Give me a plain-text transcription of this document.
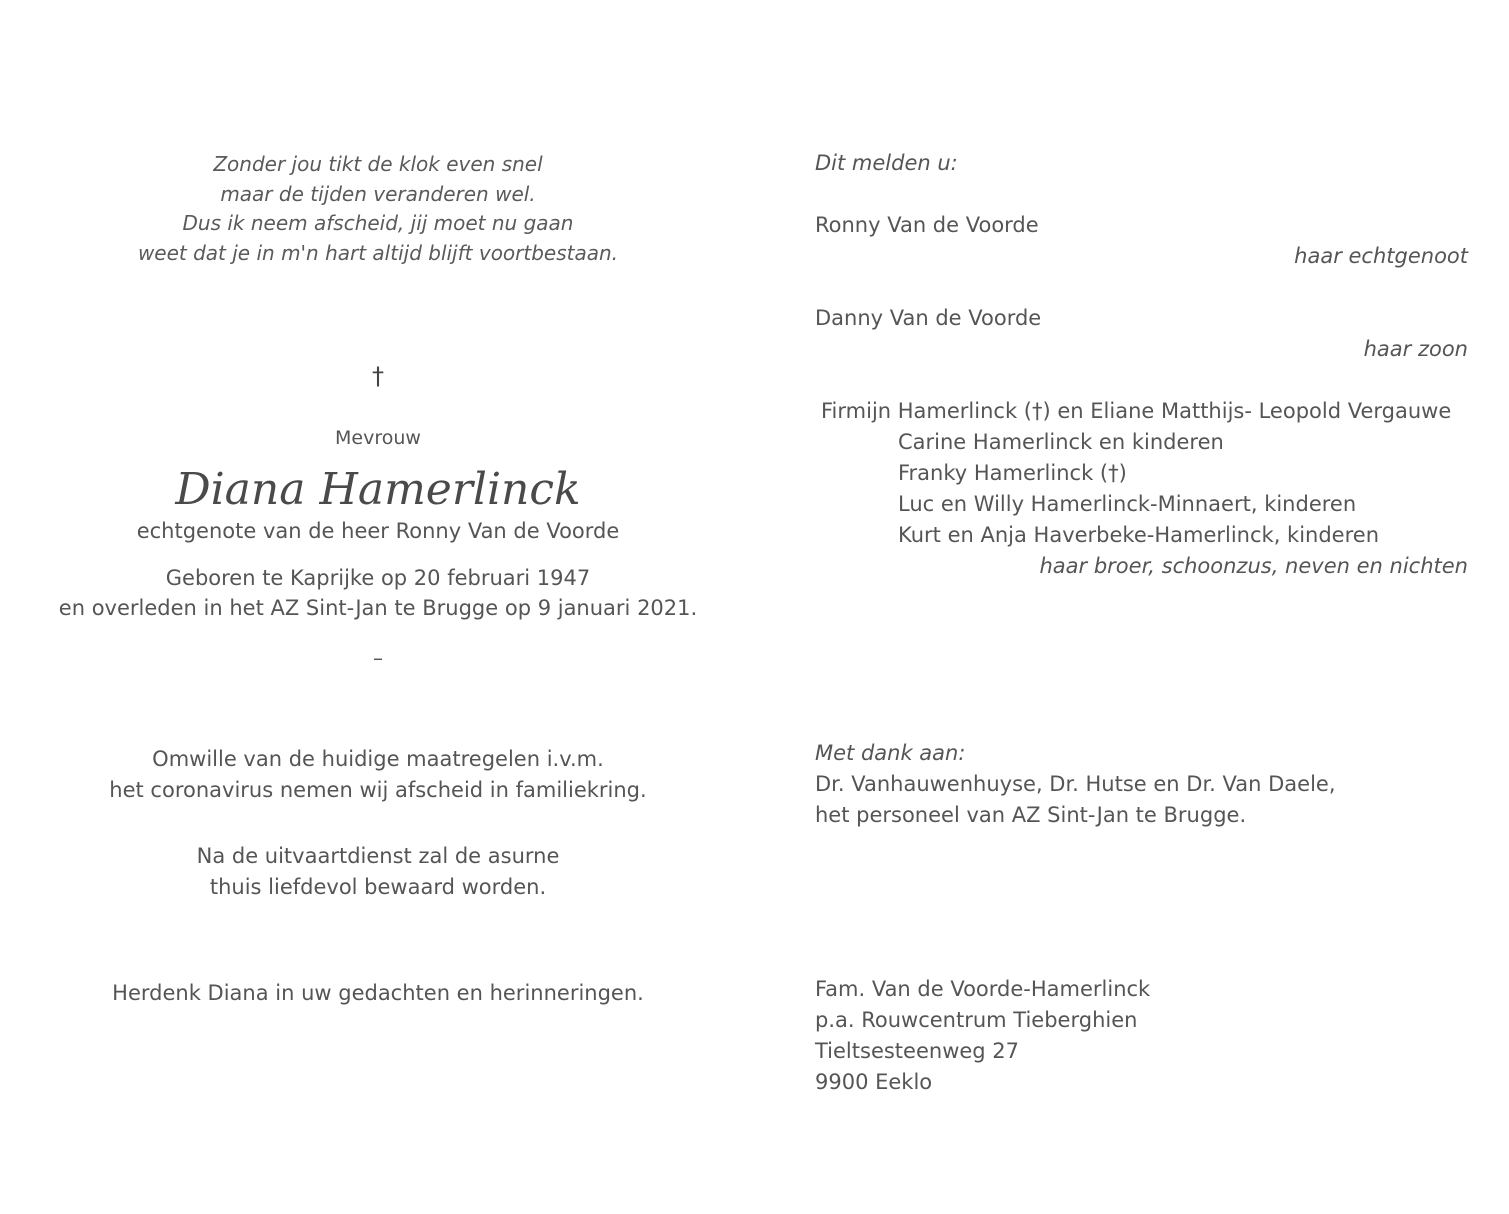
Zonder jou tikt de klok even snel
maar de tijden veranderen wel.
Dus ik neem afscheid, jij moet nu gaan
weet dat je in m'n hart altijd blijft voortbestaan.
†
Mevrouw
Diana Hamerlinck
echtgenote van de heer Ronny Van de Voorde
Geboren te Kaprijke op 20 februari 1947
en overleden in het AZ Sint-Jan te Brugge op 9 januari 2021.
–
Omwille van de huidige maatregelen i.v.m.
het coronavirus nemen wij afscheid in familiekring.
Na de uitvaartdienst zal de asurne
thuis liefdevol bewaard worden.
Herdenk Diana in uw gedachten en herinneringen.
Dit melden u:
Ronny Van de Voorde
haar echtgenoot
Danny Van de Voorde
haar zoon
Firmijn Hamerlinck (†) en Eliane Matthijs- Leopold Vergauwe
Carine Hamerlinck en kinderen
Franky Hamerlinck (†)
Luc en Willy Hamerlinck-Minnaert, kinderen
Kurt en Anja Haverbeke-Hamerlinck, kinderen
haar broer, schoonzus, neven en nichten
Met dank aan:
Dr. Vanhauwenhuyse, Dr. Hutse en Dr. Van Daele,
het personeel van AZ Sint-Jan te Brugge.
Fam. Van de Voorde-Hamerlinck
p.a. Rouwcentrum Tieberghien
Tieltsesteenweg 27
9900 Eeklo
